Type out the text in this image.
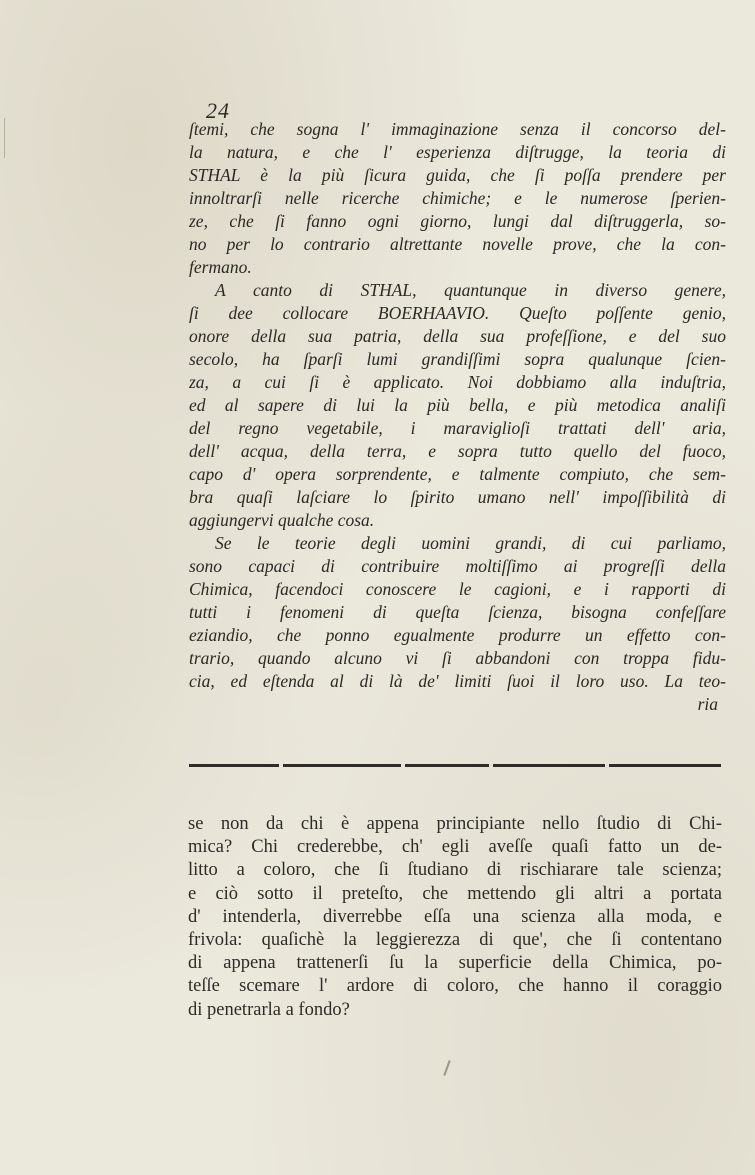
24
ſtemi, che sogna l' immaginazione senza il concorso del-
la natura, e che l' esperienza diſtrugge, la teoria di
STHAL è la più ſicura guida, che ſi poſſa prendere per
innoltrarſi nelle ricerche chimiche; e le numerose ſperien-
ze, che ſi fanno ogni giorno, lungi dal diſtruggerla, so-
no per lo contrario altrettante novelle prove, che la con-
fermano.
A canto di STHAL, quantunque in diverso genere,
ſi dee collocare BOERHAAVIO. Queſto poſſente genio,
onore della sua patria, della sua profeſſione, e del suo
secolo, ha ſparſi lumi grandiſſimi sopra qualunque ſcien-
za, a cui ſi è applicato. Noi dobbiamo alla induſtria,
ed al sapere di lui la più bella, e più metodica analiſi
del regno vegetabile, i maraviglioſi trattati dell' aria,
dell' acqua, della terra, e sopra tutto quello del fuoco,
capo d' opera sorprendente, e talmente compiuto, che sem-
bra quaſi laſciare lo ſpirito umano nell' impoſſibilità di
aggiungervi qualche cosa.
Se le teorie degli uomini grandi, di cui parliamo,
sono capaci di contribuire moltiſſimo ai progreſſi della
Chimica, facendoci conoscere le cagioni, e i rapporti di
tutti i fenomeni di queſta ſcienza, bisogna confeſſare
eziandio, che ponno egualmente produrre un effetto con-
trario, quando alcuno vi ſi abbandoni con troppa fidu-
cia, ed eſtenda al di là de' limiti ſuoi il loro uso. La teo-
ria
se non da chi è appena principiante nello ſtudio di Chi-
mica? Chi crederebbe, ch' egli aveſſe quaſi fatto un de-
litto a coloro, che ſi ſtudiano di rischiarare tale scienza;
e ciò sotto il preteſto, che mettendo gli altri a portata
d' intenderla, diverrebbe eſſa una scienza alla moda, e
frivola: quaſichè la leggierezza di que', che ſi contentano
di appena trattenerſi ſu la superficie della Chimica, po-
teſſe scemare l' ardore di coloro, che hanno il coraggio
di penetrarla a fondo?
